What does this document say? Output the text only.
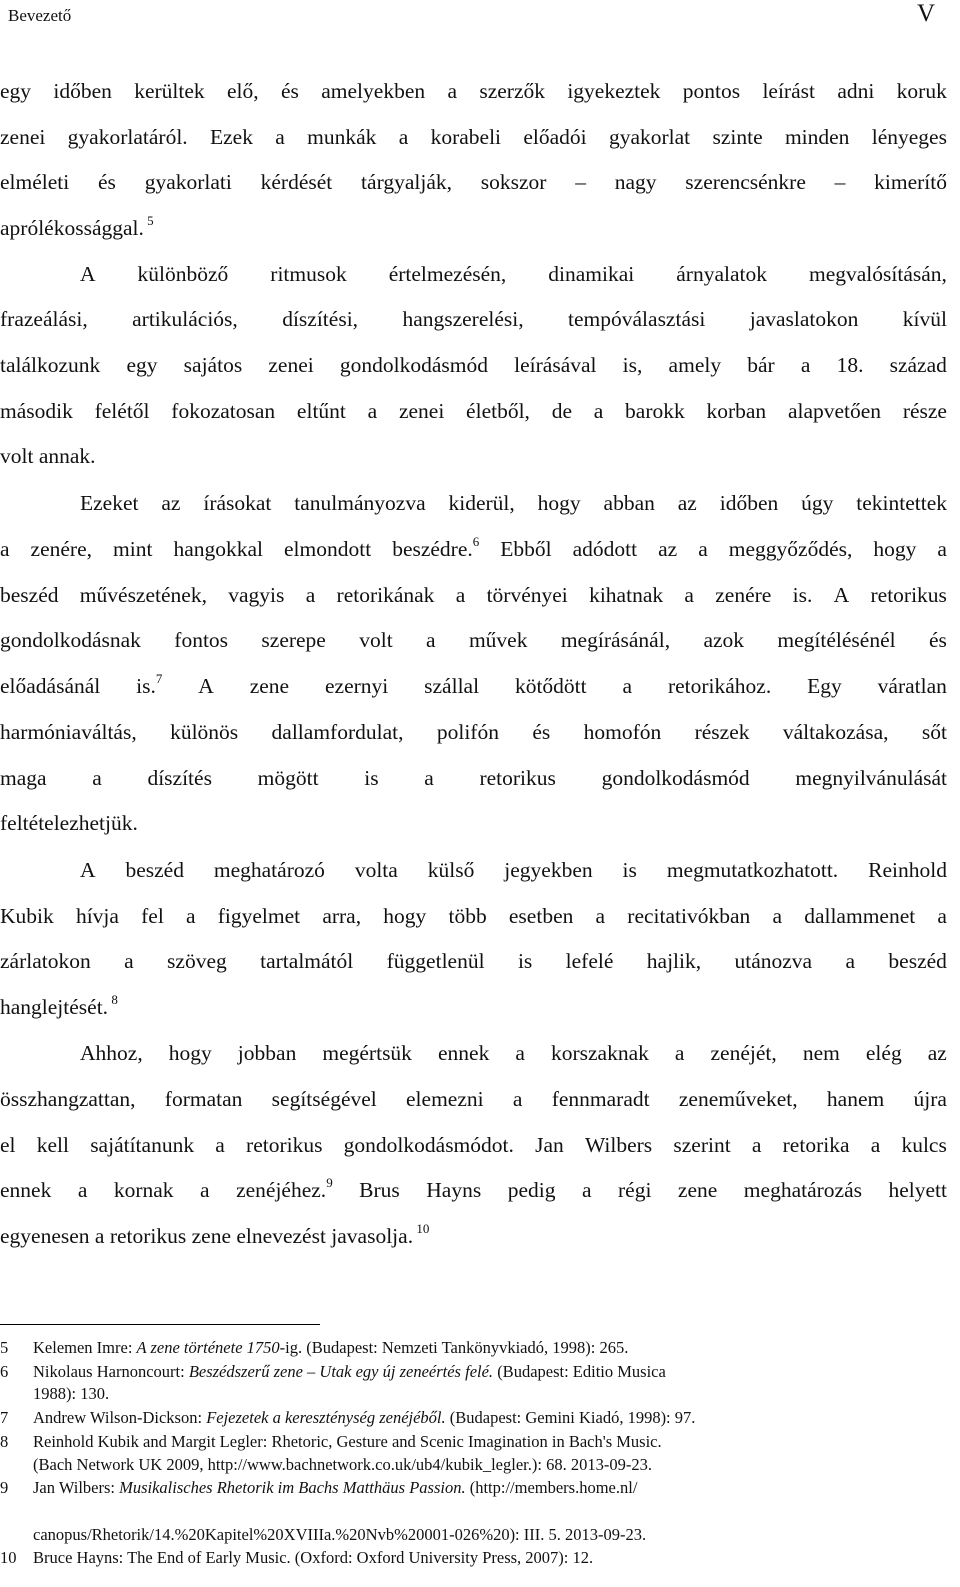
Bevezető	V
egy időben kerültek elő, és amelyekben a szerzők igyekeztek pontos leírást adni koruk
zenei gyakorlatáról. Ezek a munkák a korabeli előadói gyakorlat szinte minden lényeges
elméleti és gyakorlati kérdését tárgyalják, sokszor – nagy szerencsénkre – kimerítő
aprólékossággal. $^5$
A különböző ritmusok értelmezésén, dinamikai árnyalatok megvalósításán,
frazeálási, artikulációs, díszítési, hangszerelési, tempóválasztási javaslatokon kívül
találkozunk egy sajátos zenei gondolkodásmód leírásával is, amely bár a 18. század
második felétől fokozatosan eltűnt a zenei életből, de a barokk korban alapvetően része
volt annak.
Ezeket az írásokat tanulmányozva kiderül, hogy abban az időben úgy tekintettek
a zenére, mint hangokkal elmondott beszédre.$^6$ Ebből adódott az a meggyőződés, hogy a
beszéd művészetének, vagyis a retorikának a törvényei kihatnak a zenére is. A retorikus
gondolkodásnak fontos szerepe volt a művek megírásánál, azok megítélésénél és
előadásánál is.$^7$ A zene ezernyi szállal kötődött a retorikához. Egy váratlan
harmóniaváltás, különös dallamfordulat, polifón és homofón részek váltakozása, sőt
maga a díszítés mögött is a retorikus gondolkodásmód megnyilvánulását
feltételezhetjük.
A beszéd meghatározó volta külső jegyekben is megmutatkozhatott. Reinhold
Kubik hívja fel a figyelmet arra, hogy több esetben a recitativókban a dallammenet a
zárlatokon a szöveg tartalmától függetlenül is lefelé hajlik, utánozva a beszéd
hanglejtését. $^8$
Ahhoz, hogy jobban megértsük ennek a korszaknak a zenéjét, nem elég az
összhangzattan, formatan segítségével elemezni a fennmaradt zeneműveket, hanem újra
el kell sajátítanunk a retorikus gondolkodásmódot. Jan Wilbers szerint a retorika a kulcs
ennek a kornak a zenéjéhez.$^9$ Brus Hayns pedig a régi zene meghatározás helyett
egyenesen a retorikus zene elnevezést javasolja. $^{10}$
5 Kelemen Imre: A zene története 1750-ig. (Budapest: Nemzeti Tankönyvkiadó, 1998): 265.
6 Nikolaus Harnoncourt: Beszédszerű zene – Utak egy új zeneértés felé. (Budapest: Editio Musica
1988): 130.
7 Andrew Wilson-Dickson: Fejezetek a kereszténység zenéjéből. (Budapest: Gemini Kiadó, 1998): 97.
8 Reinhold Kubik and Margit Legler: Rhetoric, Gesture and Scenic Imagination in Bach's Music.
(Bach Network UK 2009, http://www.bachnetwork.co.uk/ub4/kubik_legler.): 68. 2013-09-23.
9 Jan Wilbers: Musikalisches Rhetorik im Bachs Matthäus Passion. (http://members.home.nl/
canopus/Rhetorik/14.%20Kapitel%20XVIIIa.%20Nvb%20001-026%20): III. 5. 2013-09-23.
10 Bruce Hayns: The End of Early Music. (Oxford: Oxford University Press, 2007): 12.
